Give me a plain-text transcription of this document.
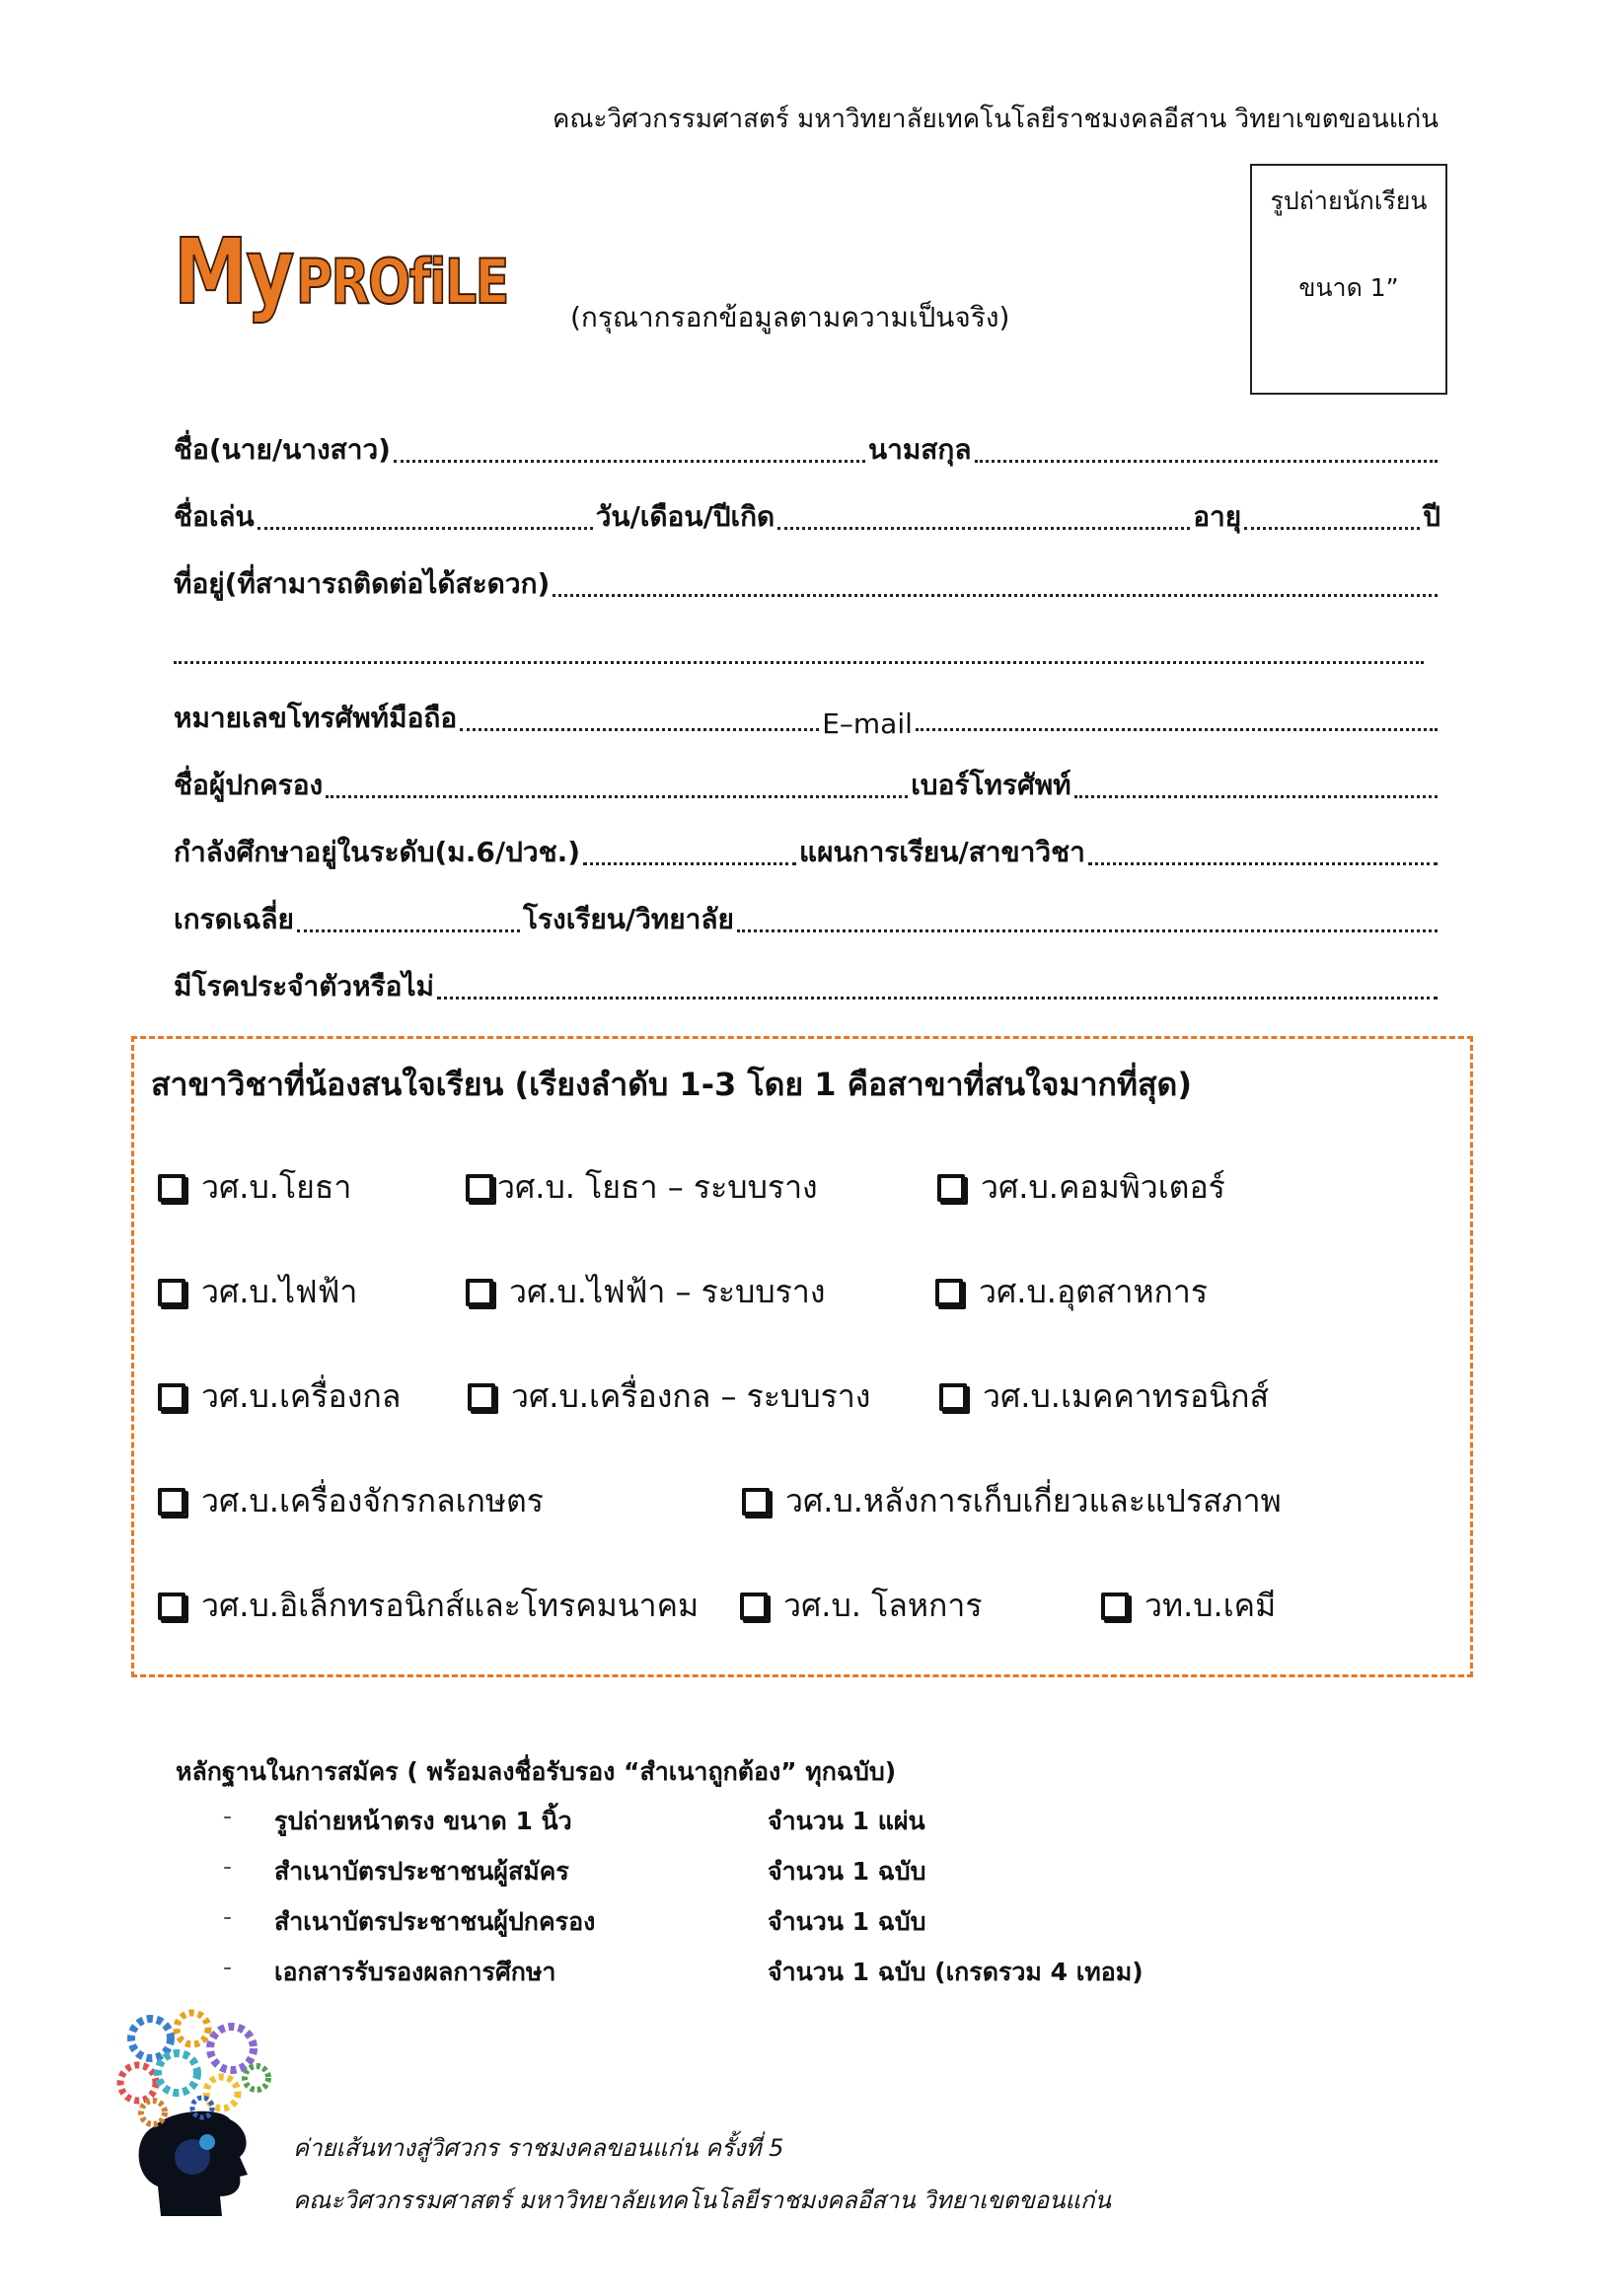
คณะวิศวกรรมศาสตร์ มหาวิทยาลัยเทคโนโลยีราชมงคลอีสาน วิทยาเขตขอนแก่น
รูปถ่ายนักเรียน
ขนาด 1”
My PROfiLE (กรุณากรอกข้อมูลตามความเป็นจริง)
ชื่อ(นาย/นางสาว)	นามสกุล
ชื่อเล่น	วัน/เดือน/ปีเกิด	อายุ	ปี
ที่อยู่(ที่สามารถติดต่อได้สะดวก)
หมายเลขโทรศัพท์มือถือ	E–mail
ชื่อผู้ปกครอง	เบอร์โทรศัพท์
กำลังศึกษาอยู่ในระดับ(ม.6/ปวช.)	แผนการเรียน/สาขาวิชา
เกรดเฉลี่ย	โรงเรียน/วิทยาลัย
มีโรคประจำตัวหรือไม่
สาขาวิชาที่น้องสนใจเรียน (เรียงลำดับ 1-3 โดย 1 คือสาขาที่สนใจมากที่สุด)
วศ.บ.โยธา	วศ.บ. โยธา – ระบบราง	วศ.บ.คอมพิวเตอร์
วศ.บ.ไฟฟ้า	วศ.บ.ไฟฟ้า – ระบบราง	วศ.บ.อุตสาหการ
วศ.บ.เครื่องกล	วศ.บ.เครื่องกล – ระบบราง	วศ.บ.เมคคาทรอนิกส์
วศ.บ.เครื่องจักรกลเกษตร	วศ.บ.หลังการเก็บเกี่ยวและแปรสภาพ
วศ.บ.อิเล็กทรอนิกส์และโทรคมนาคม	วศ.บ. โลหการ	วท.บ.เคมี
หลักฐานในการสมัคร ( พร้อมลงชื่อรับรอง “สำเนาถูกต้อง” ทุกฉบับ)
-	รูปถ่ายหน้าตรง ขนาด 1 นิ้ว	จำนวน 1 แผ่น
-	สำเนาบัตรประชาชนผู้สมัคร	จำนวน 1 ฉบับ
-	สำเนาบัตรประชาชนผู้ปกครอง	จำนวน 1 ฉบับ
-	เอกสารรับรองผลการศึกษา	จำนวน 1 ฉบับ (เกรดรวม 4 เทอม)
ค่ายเส้นทางสู่วิศวกร ราชมงคลขอนแก่น ครั้งที่ 5
คณะวิศวกรรมศาสตร์ มหาวิทยาลัยเทคโนโลยีราชมงคลอีสาน วิทยาเขตขอนแก่น
